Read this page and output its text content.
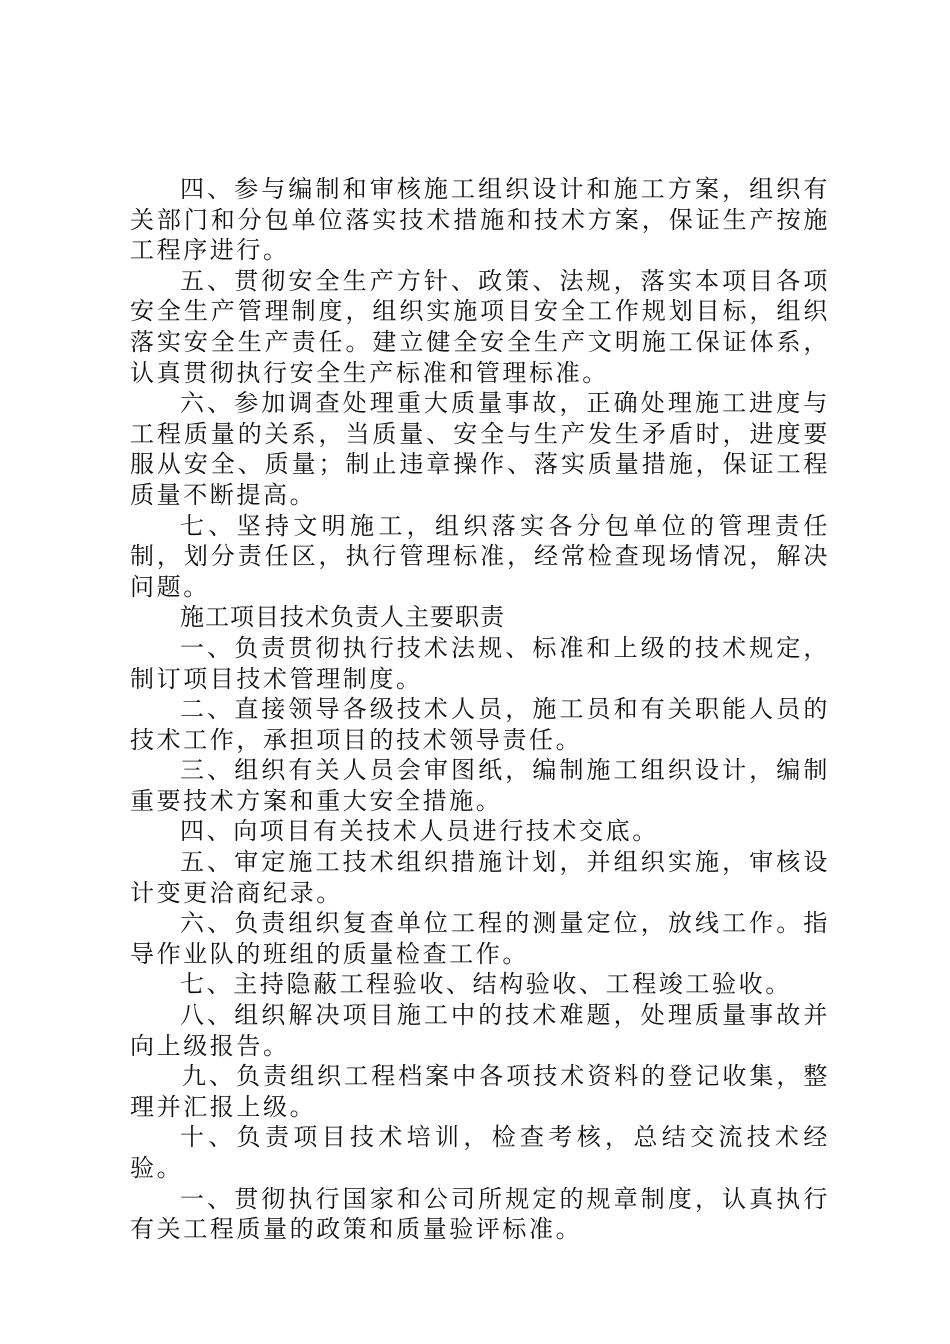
四、参与编制和审核施工组织设计和施工方案，组织有关部门和分包单位落实技术措施和技术方案，保证生产按施工程序进行。

五、贯彻安全生产方针、政策、法规，落实本项目各项安全生产管理制度，组织实施项目安全工作规划目标，组织落实安全生产责任。建立健全安全生产文明施工保证体系，认真贯彻执行安全生产标准和管理标准。

六、参加调查处理重大质量事故，正确处理施工进度与工程质量的关系，当质量、安全与生产发生矛盾时，进度要服从安全、质量；制止违章操作、落实质量措施，保证工程质量不断提高。

七、坚持文明施工，组织落实各分包单位的管理责任制，划分责任区，执行管理标准，经常检查现场情况，解决问题。

施工项目技术负责人主要职责

一、负责贯彻执行技术法规、标准和上级的技术规定，制订项目技术管理制度。

二、直接领导各级技术人员，施工员和有关职能人员的技术工作，承担项目的技术领导责任。

三、组织有关人员会审图纸，编制施工组织设计，编制重要技术方案和重大安全措施。

四、向项目有关技术人员进行技术交底。

五、审定施工技术组织措施计划，并组织实施，审核设计变更洽商纪录。

六、负责组织复查单位工程的测量定位，放线工作。指导作业队的班组的质量检查工作。

七、主持隐蔽工程验收、结构验收、工程竣工验收。

八、组织解决项目施工中的技术难题，处理质量事故并向上级报告。

九、负责组织工程档案中各项技术资料的登记收集，整理并汇报上级。

十、负责项目技术培训，检查考核，总结交流技术经验。

一、贯彻执行国家和公司所规定的规章制度，认真执行有关工程质量的政策和质量验评标准。
